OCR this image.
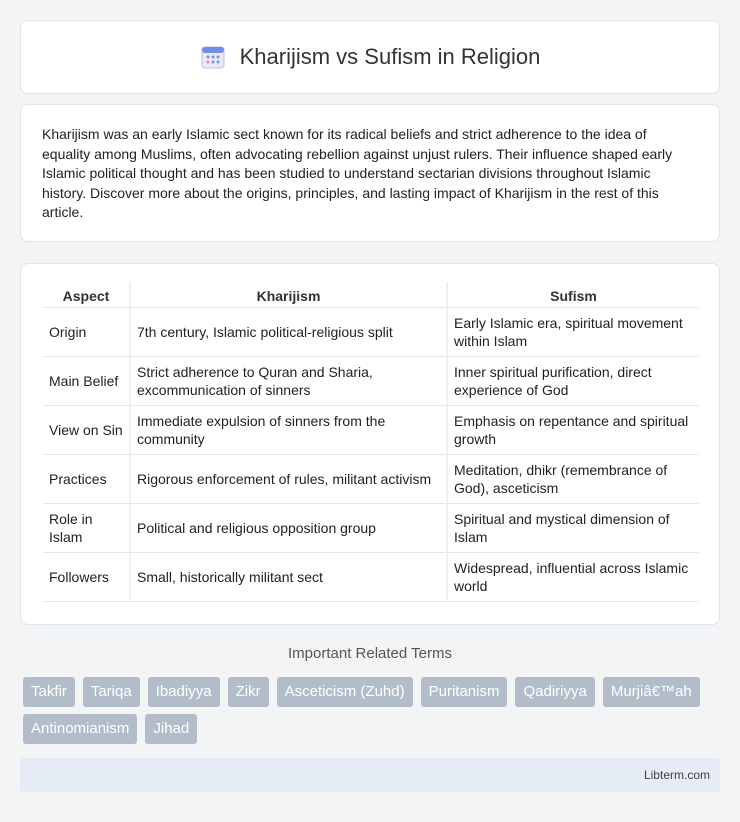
Kharijism vs Sufism in Religion

Kharijism was an early Islamic sect known for its radical beliefs and strict adherence to the idea of equality among Muslims, often advocating rebellion against unjust rulers. Their influence shaped early Islamic political thought and has been studied to understand sectarian divisions throughout Islamic history. Discover more about the origins, principles, and lasting impact of Kharijism in the rest of this article.

Aspect	Kharijism	Sufism
Origin	7th century, Islamic political-religious split	Early Islamic era, spiritual movement within Islam
Main Belief	Strict adherence to Quran and Sharia, excommunication of sinners	Inner spiritual purification, direct experience of God
View on Sin	Immediate expulsion of sinners from the community	Emphasis on repentance and spiritual growth
Practices	Rigorous enforcement of rules, militant activism	Meditation, dhikr (remembrance of God), asceticism
Role in Islam	Political and religious opposition group	Spiritual and mystical dimension of Islam
Followers	Small, historically militant sect	Widespread, influential across Islamic world
Important Related Terms
Takfir	Tariqa	Ibadiyya	Zikr	Asceticism (Zuhd)	Puritanism	Qadiriyya	Murjiâ€™ah
Antinomianism	Jihad
Libterm.com
